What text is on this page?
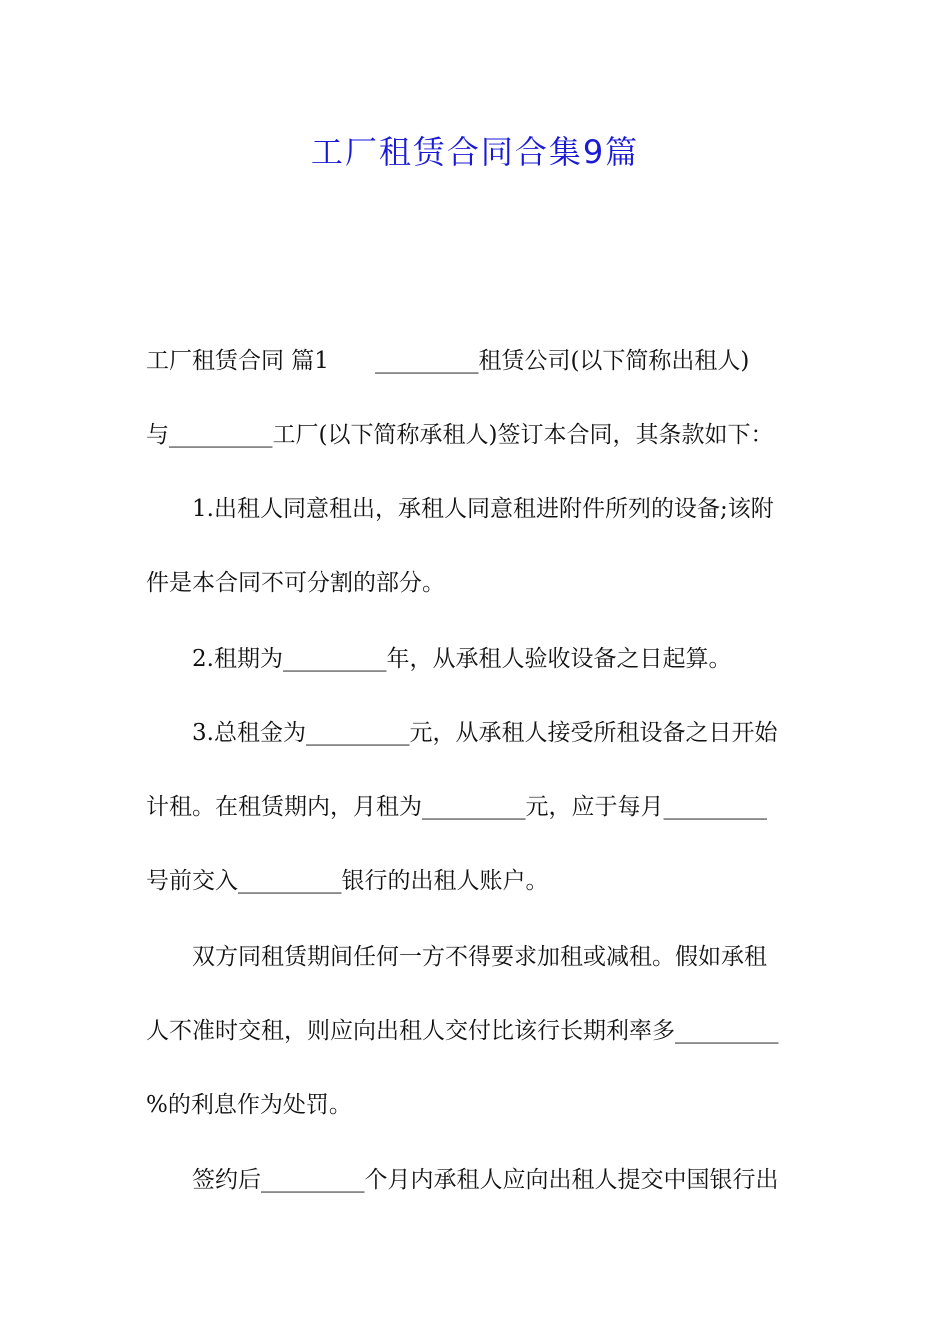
工厂租赁合同合集9篇
工厂租赁合同 篇1　　_________租赁公司(以下简称出租人)
与_________工厂(以下简称承租人)签订本合同，其条款如下：
1.出租人同意租出，承租人同意租进附件所列的设备;该附
件是本合同不可分割的部分。
2.租期为_________年，从承租人验收设备之日起算。
3.总租金为_________元，从承租人接受所租设备之日开始
计租。在租赁期内，月租为_________元，应于每月_________
号前交入_________银行的出租人账户。
双方同租赁期间任何一方不得要求加租或减租。假如承租
人不准时交租，则应向出租人交付比该行长期利率多_________
%的利息作为处罚。
签约后_________个月内承租人应向出租人提交中国银行出
